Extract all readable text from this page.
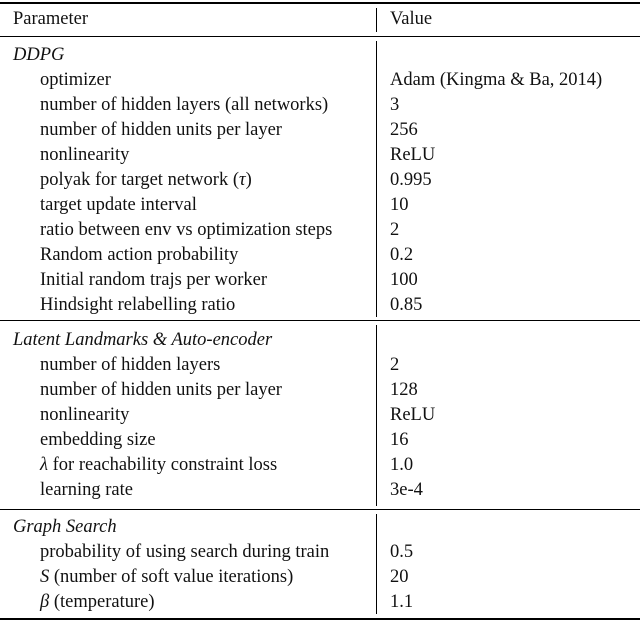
Parameter	Value
DDPG
optimizer	Adam (Kingma & Ba, 2014)
number of hidden layers (all networks)	3
number of hidden units per layer	256
nonlinearity	ReLU
polyak for target network (τ)	0.995
target update interval	10
ratio between env vs optimization steps	2
Random action probability	0.2
Initial random trajs per worker	100
Hindsight relabelling ratio	0.85
Latent Landmarks & Auto-encoder
number of hidden layers	2
number of hidden units per layer	128
nonlinearity	ReLU
embedding size	16
λ for reachability constraint loss	1.0
learning rate	3e-4
Graph Search
probability of using search during train	0.5
S (number of soft value iterations)	20
β (temperature)	1.1
